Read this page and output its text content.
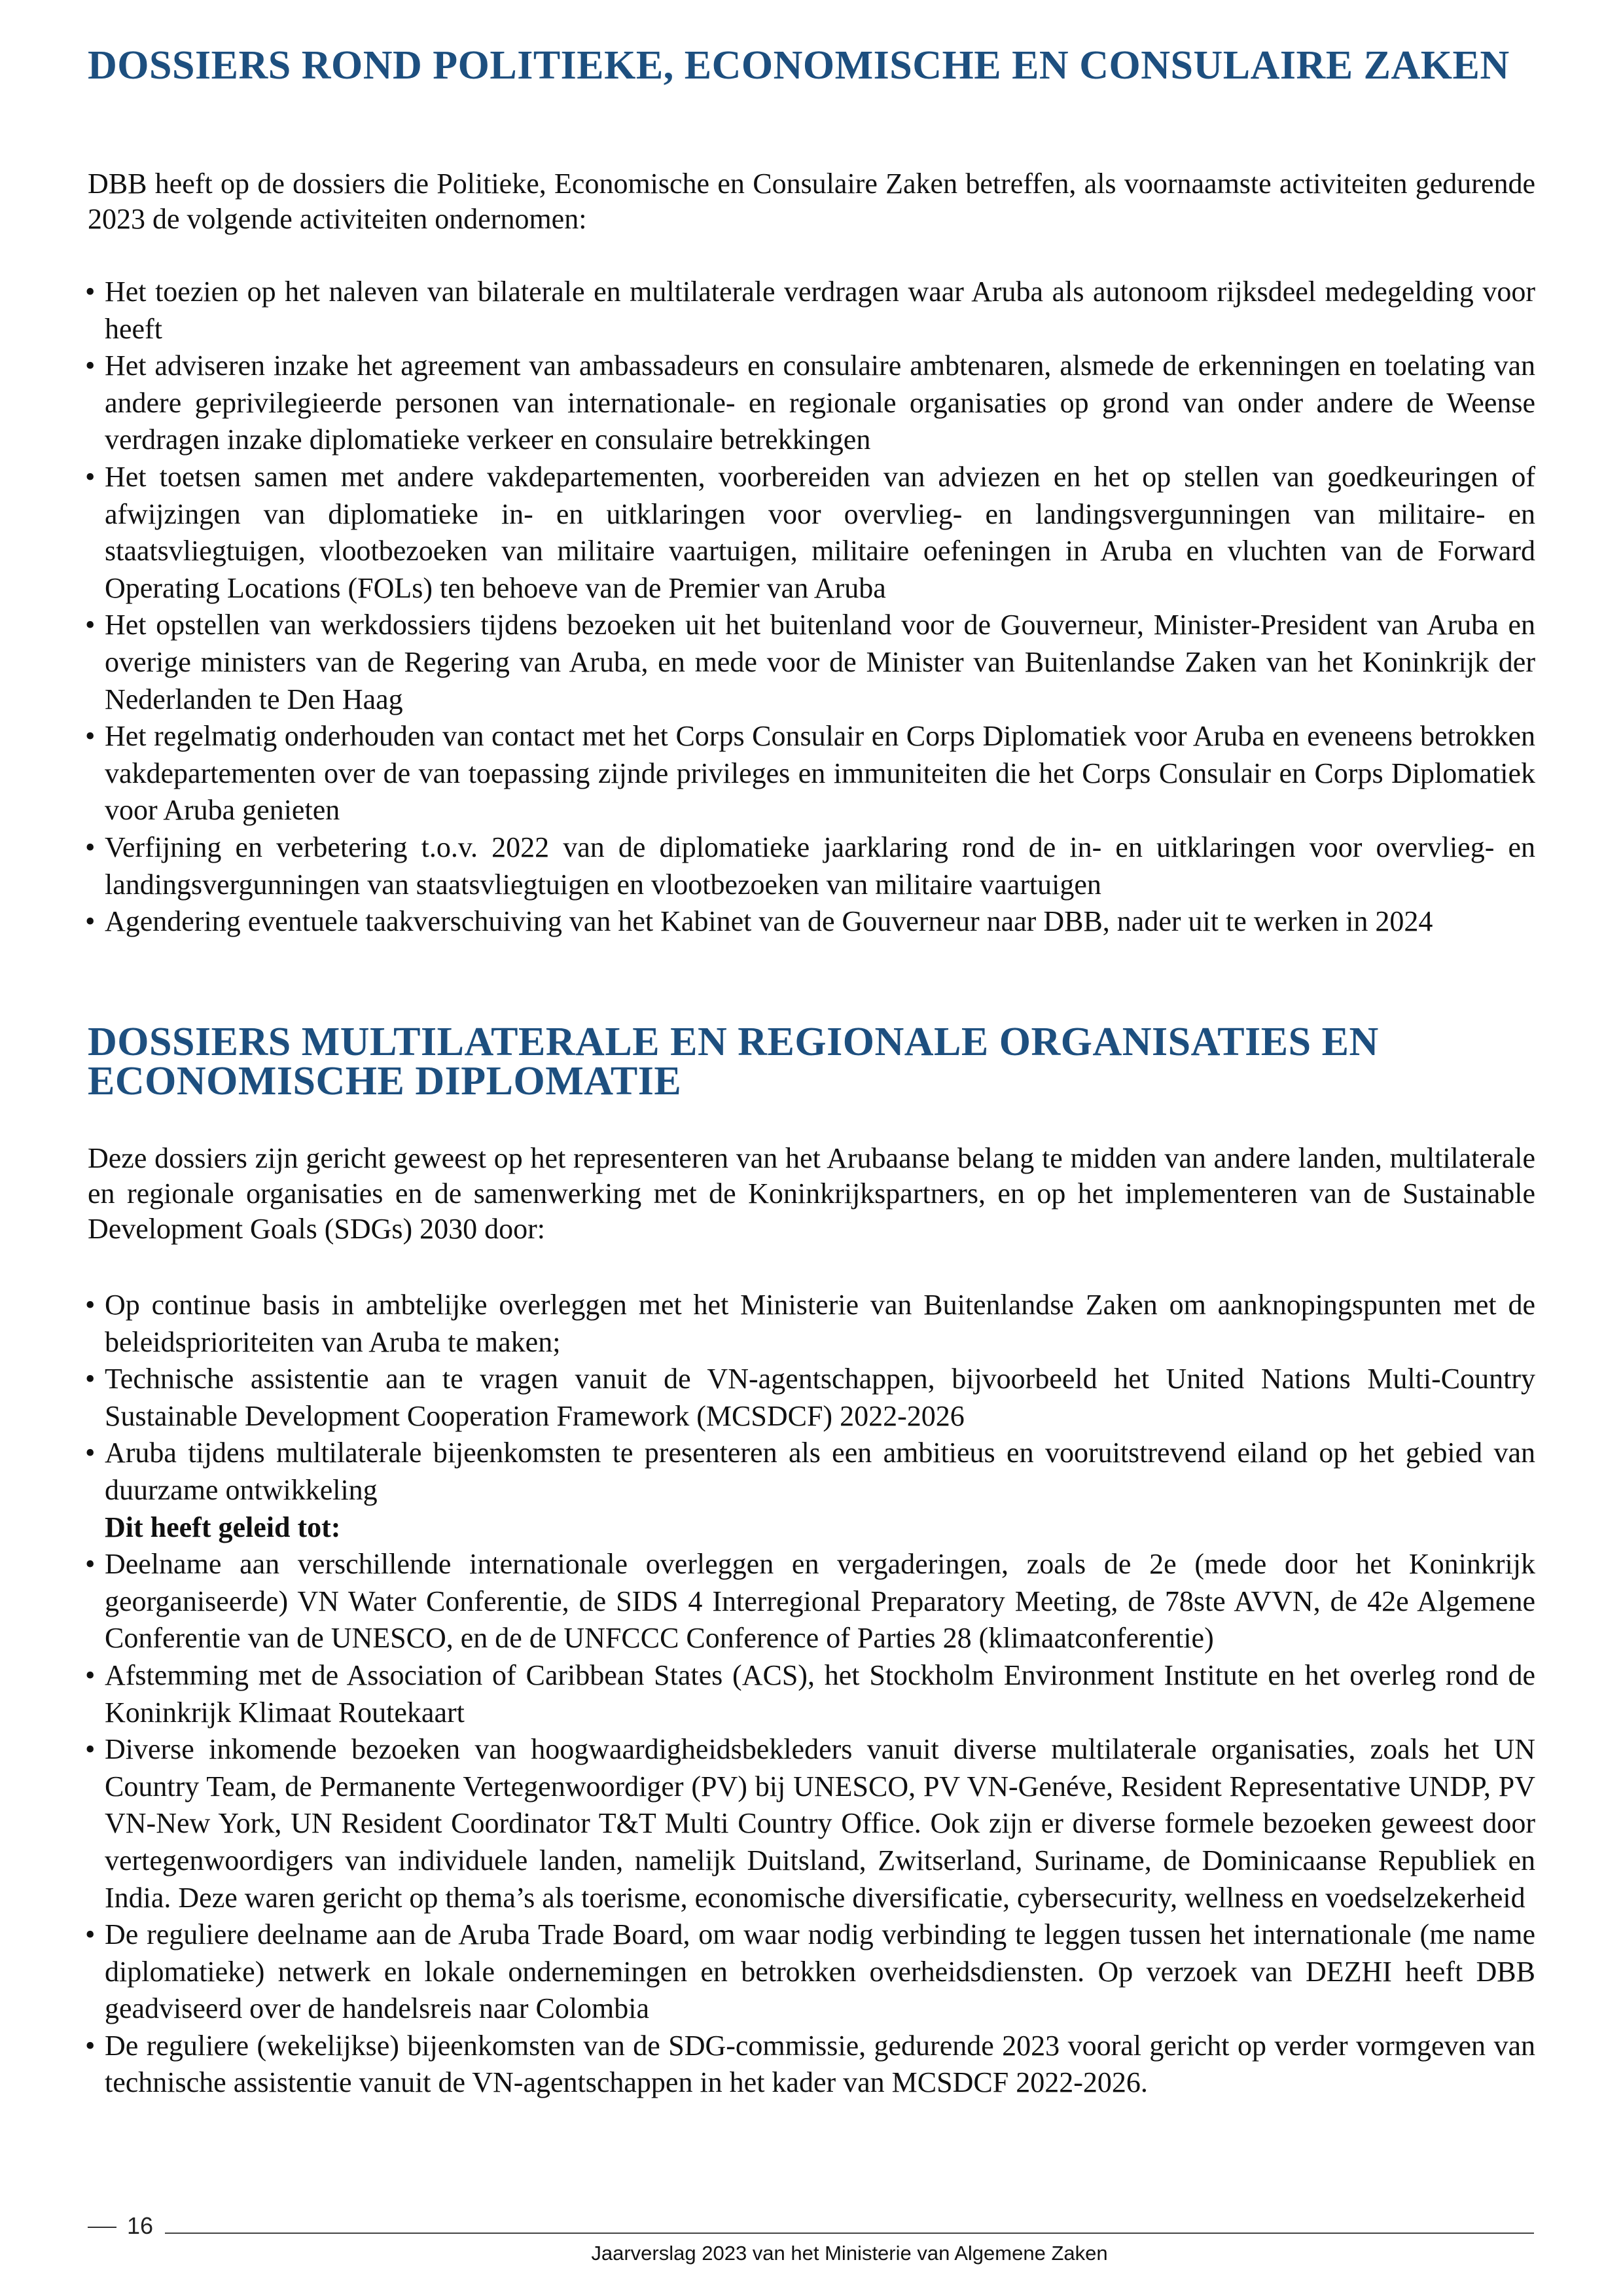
DOSSIERS ROND POLITIEKE, ECONOMISCHE EN CONSULAIRE ZAKEN

DBB heeft op de dossiers die Politieke, Economische en Consulaire Zaken betreffen, als voornaamste activiteiten gedurende 2023 de volgende activiteiten ondernomen:

• Het toezien op het naleven van bilaterale en multilaterale verdragen waar Aruba als autonoom rijksdeel medegelding voor heeft
• Het adviseren inzake het agreement van ambassadeurs en consulaire ambtenaren, alsmede de erkenningen en toelating van andere geprivilegieerde personen van internationale- en regionale organisaties op grond van onder andere de Weense verdragen inzake diplomatieke verkeer en consulaire betrekkingen
• Het toetsen samen met andere vakdepartementen, voorbereiden van adviezen en het op stellen van goedkeuringen of afwijzingen van diplomatieke in- en uitklaringen voor overvlieg- en landingsvergunningen van militaire- en staatsvliegtuigen, vlootbezoeken van militaire vaartuigen, militaire oefeningen in Aruba en vluchten van de Forward Operating Locations (FOLs) ten behoeve van de Premier van Aruba
• Het opstellen van werkdossiers tijdens bezoeken uit het buitenland voor de Gouverneur, Minister-President van Aruba en overige ministers van de Regering van Aruba, en mede voor de Minister van Buitenlandse Zaken van het Koninkrijk der Nederlanden te Den Haag
• Het regelmatig onderhouden van contact met het Corps Consulair en Corps Diplomatiek voor Aruba en eveneens betrokken vakdepartementen over de van toepassing zijnde privileges en immuniteiten die het Corps Consulair en Corps Diplomatiek voor Aruba genieten
• Verfijning en verbetering t.o.v. 2022 van de diplomatieke jaarklaring rond de in- en uitklaringen voor overvlieg- en landingsvergunningen van staatsvliegtuigen en vlootbezoeken van militaire vaartuigen
• Agendering eventuele taakverschuiving van het Kabinet van de Gouverneur naar DBB, nader uit te werken in 2024
DOSSIERS MULTILATERALE EN REGIONALE ORGANISATIES EN ECONOMISCHE DIPLOMATIE

Deze dossiers zijn gericht geweest op het representeren van het Arubaanse belang te midden van andere landen, multilaterale en regionale organisaties en de samenwerking met de Koninkrijkspartners, en op het implementeren van de Sustainable Development Goals (SDGs) 2030 door:

• Op continue basis in ambtelijke overleggen met het Ministerie van Buitenlandse Zaken om aanknopingspunten met de beleidsprioriteiten van Aruba te maken;
• Technische assistentie aan te vragen vanuit de VN-agentschappen, bijvoorbeeld het United Nations Multi-Country Sustainable Development Cooperation Framework (MCSDCF) 2022-2026
• Aruba tijdens multilaterale bijeenkomsten te presenteren als een ambitieus en vooruitstrevend eiland op het gebied van duurzame ontwikkeling
Dit heeft geleid tot:
• Deelname aan verschillende internationale overleggen en vergaderingen, zoals de 2e (mede door het Koninkrijk georganiseerde) VN Water Conferentie, de SIDS 4 Interregional Preparatory Meeting, de 78ste AVVN, de 42e Algemene Conferentie van de UNESCO, en de de UNFCCC Conference of Parties 28 (klimaatconferentie)
• Afstemming met de Association of Caribbean States (ACS), het Stockholm Environment Institute en het overleg rond de Koninkrijk Klimaat Routekaart
• Diverse inkomende bezoeken van hoogwaardigheidsbekleders vanuit diverse multilaterale organisaties, zoals het UN Country Team, de Permanente Vertegenwoordiger (PV) bij UNESCO, PV VN-Genéve, Resident Representative UNDP, PV VN-New York, UN Resident Coordinator T&T Multi Country Office. Ook zijn er diverse formele bezoeken geweest door vertegenwoordigers van individuele landen, namelijk Duitsland, Zwitserland, Suriname, de Dominicaanse Republiek en India. Deze waren gericht op thema’s als toerisme, economische diversificatie, cybersecurity, wellness en voedselzekerheid
• De reguliere deelname aan de Aruba Trade Board, om waar nodig verbinding te leggen tussen het internationale (me name diplomatieke) netwerk en lokale ondernemingen en betrokken overheidsdiensten. Op verzoek van DEZHI heeft DBB geadviseerd over de handelsreis naar Colombia
• De reguliere (wekelijkse) bijeenkomsten van de SDG-commissie, gedurende 2023 vooral gericht op verder vormgeven van technische assistentie vanuit de VN-agentschappen in het kader van MCSDCF 2022-2026.
16
Jaarverslag 2023 van het Ministerie van Algemene Zaken
